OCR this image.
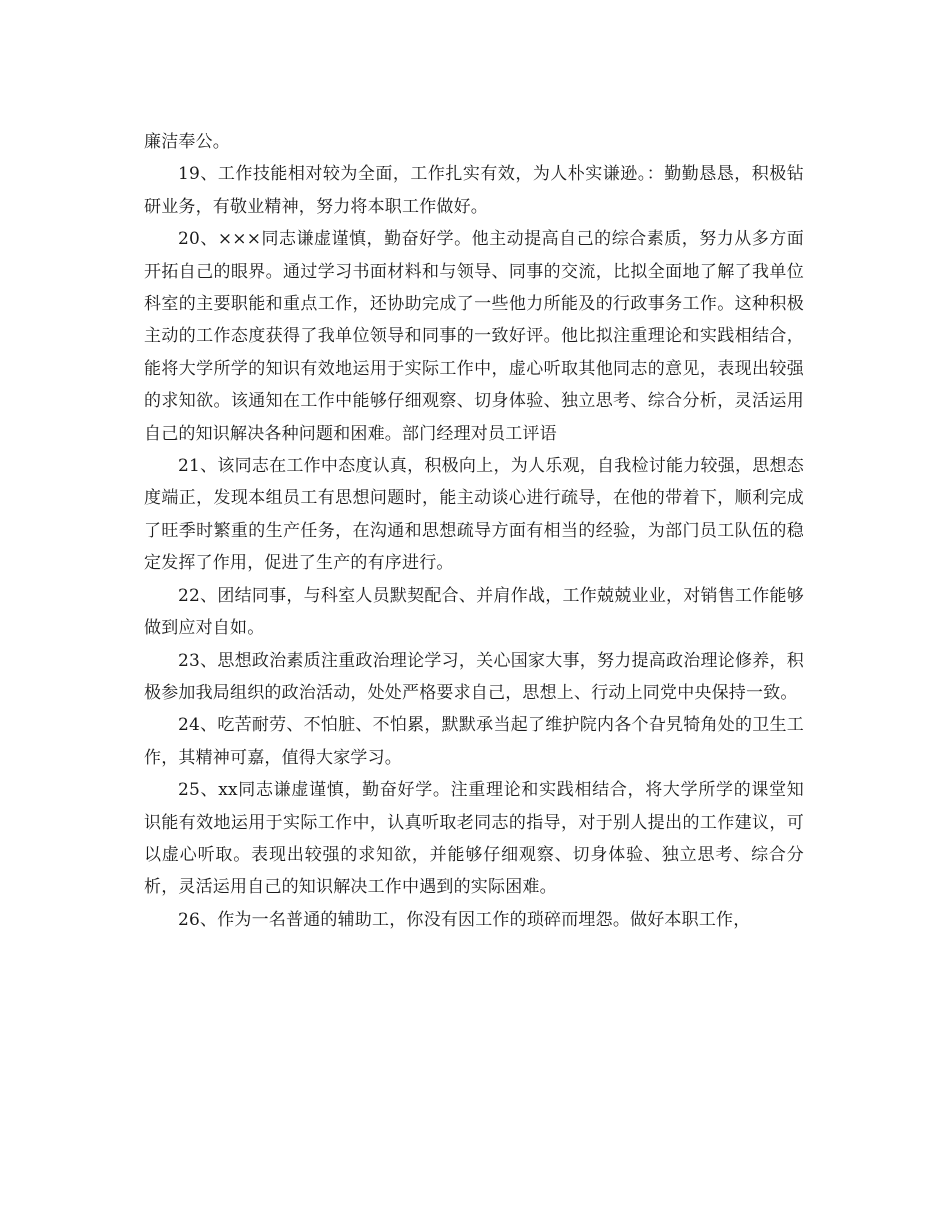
廉洁奉公。

19、工作技能相对较为全面，工作扎实有效，为人朴实谦逊。：勤勤恳恳，积极钻研业务，有敬业精神，努力将本职工作做好。

20、×××同志谦虚谨慎，勤奋好学。他主动提高自己的综合素质，努力从多方面开拓自己的眼界。通过学习书面材料和与领导、同事的交流，比拟全面地了解了我单位科室的主要职能和重点工作，还协助完成了一些他力所能及的行政事务工作。这种积极主动的工作态度获得了我单位领导和同事的一致好评。他比拟注重理论和实践相结合，能将大学所学的知识有效地运用于实际工作中，虚心听取其他同志的意见，表现出较强的求知欲。该通知在工作中能够仔细观察、切身体验、独立思考、综合分析，灵活运用自己的知识解决各种问题和困难。部门经理对员工评语

21、该同志在工作中态度认真，积极向上，为人乐观，自我检讨能力较强，思想态度端正，发现本组员工有思想问题时，能主动谈心进行疏导，在他的带着下，顺利完成了旺季时繁重的生产任务，在沟通和思想疏导方面有相当的经验，为部门员工队伍的稳定发挥了作用，促进了生产的有序进行。

22、团结同事，与科室人员默契配合、并肩作战，工作兢兢业业，对销售工作能够做到应对自如。

23、思想政治素质注重政治理论学习，关心国家大事，努力提高政治理论修养，积极参加我局组织的政治活动，处处严格要求自己，思想上、行动上同党中央保持一致。

24、吃苦耐劳、不怕脏、不怕累，默默承当起了维护院内各个旮旯犄角处的卫生工作，其精神可嘉，值得大家学习。

25、xx同志谦虚谨慎，勤奋好学。注重理论和实践相结合，将大学所学的课堂知识能有效地运用于实际工作中，认真听取老同志的指导，对于别人提出的工作建议，可以虚心听取。表现出较强的求知欲，并能够仔细观察、切身体验、独立思考、综合分析，灵活运用自己的知识解决工作中遇到的实际困难。

26、作为一名普通的辅助工，你没有因工作的琐碎而埋怨。做好本职工作，
